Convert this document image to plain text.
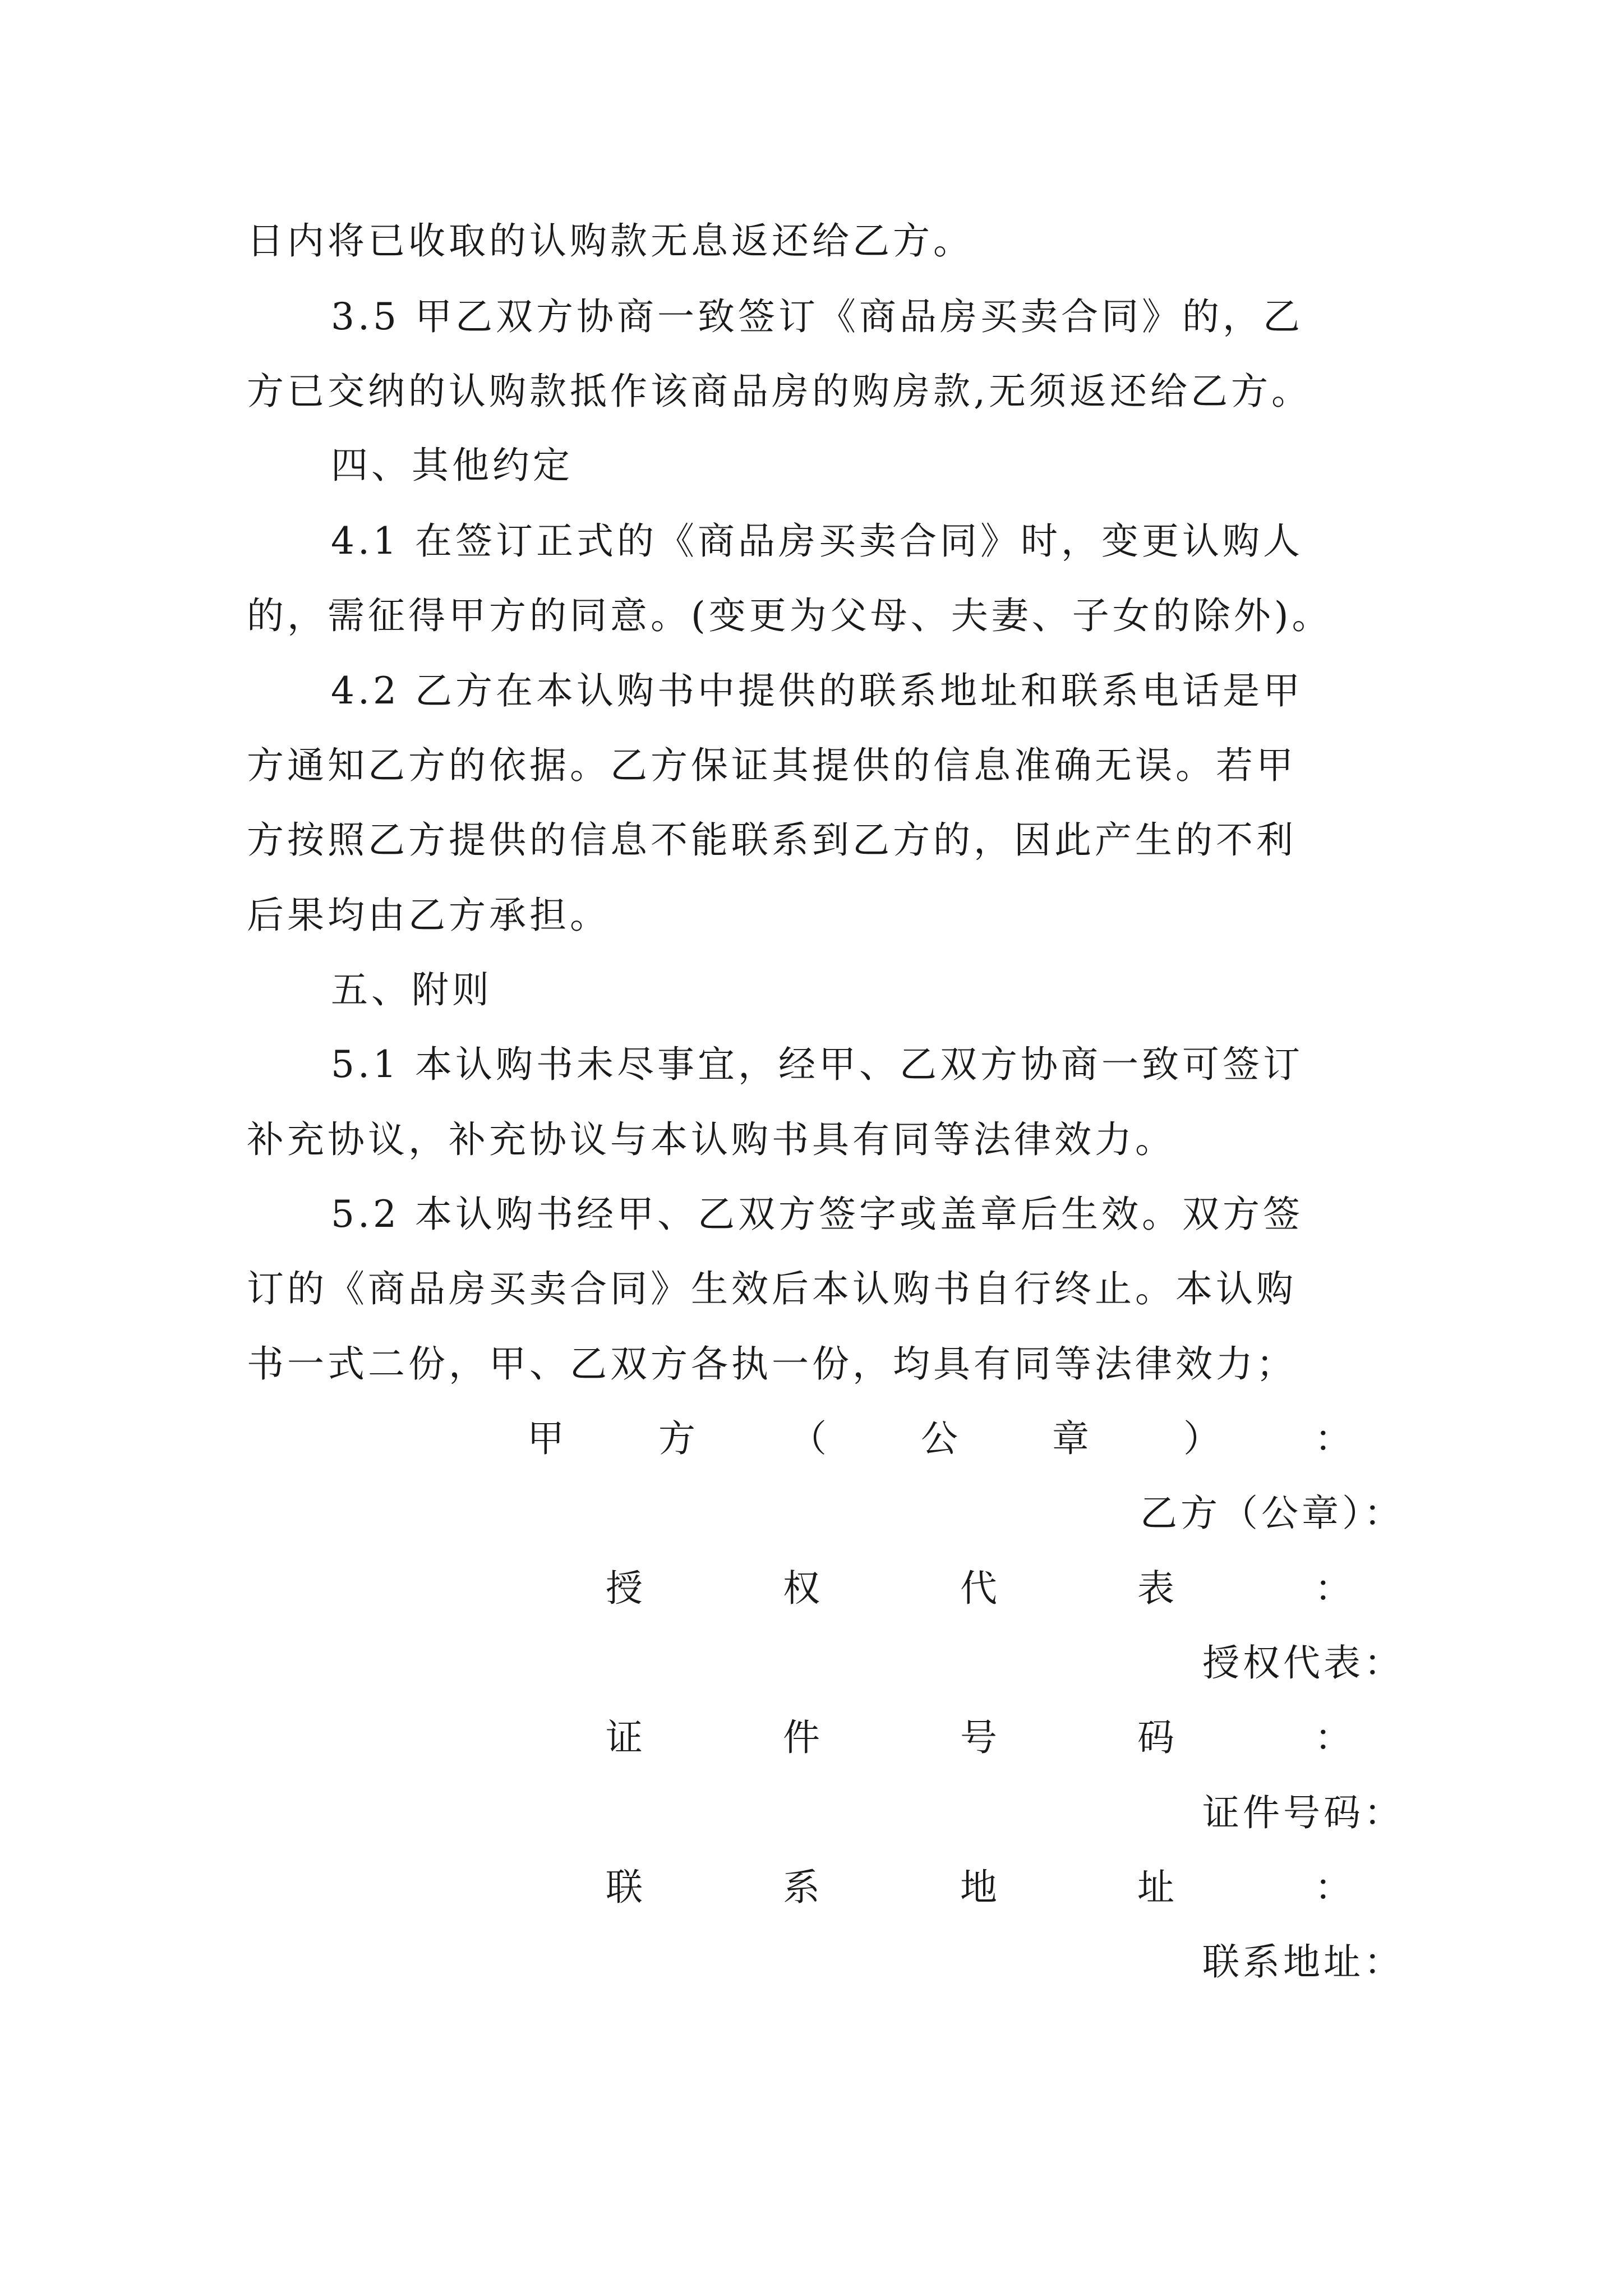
日内将已收取的认购款无息返还给乙方。
3.5 甲乙双方协商一致签订《商品房买卖合同》的，乙
方已交纳的认购款抵作该商品房的购房款,无须返还给乙方。
四、其他约定
4.1 在签订正式的《商品房买卖合同》时，变更认购人
的，需征得甲方的同意。(变更为父母、夫妻、子女的除外)。
4.2 乙方在本认购书中提供的联系地址和联系电话是甲
方通知乙方的依据。乙方保证其提供的信息准确无误。若甲
方按照乙方提供的信息不能联系到乙方的，因此产生的不利
后果均由乙方承担。
五、附则
5.1 本认购书未尽事宜，经甲、乙双方协商一致可签订
补充协议，补充协议与本认购书具有同等法律效力。
5.2 本认购书经甲、乙双方签字或盖章后生效。双方签
订的《商品房买卖合同》生效后本认购书自行终止。本认购
书一式二份，甲、乙双方各执一份，均具有同等法律效力；
甲	方	（	公	章	）	：
乙方（公章）：
授	权	代	表	：
授权代表：
证	件	号	码	：
证件号码：
联	系	地	址	：
联系地址：
